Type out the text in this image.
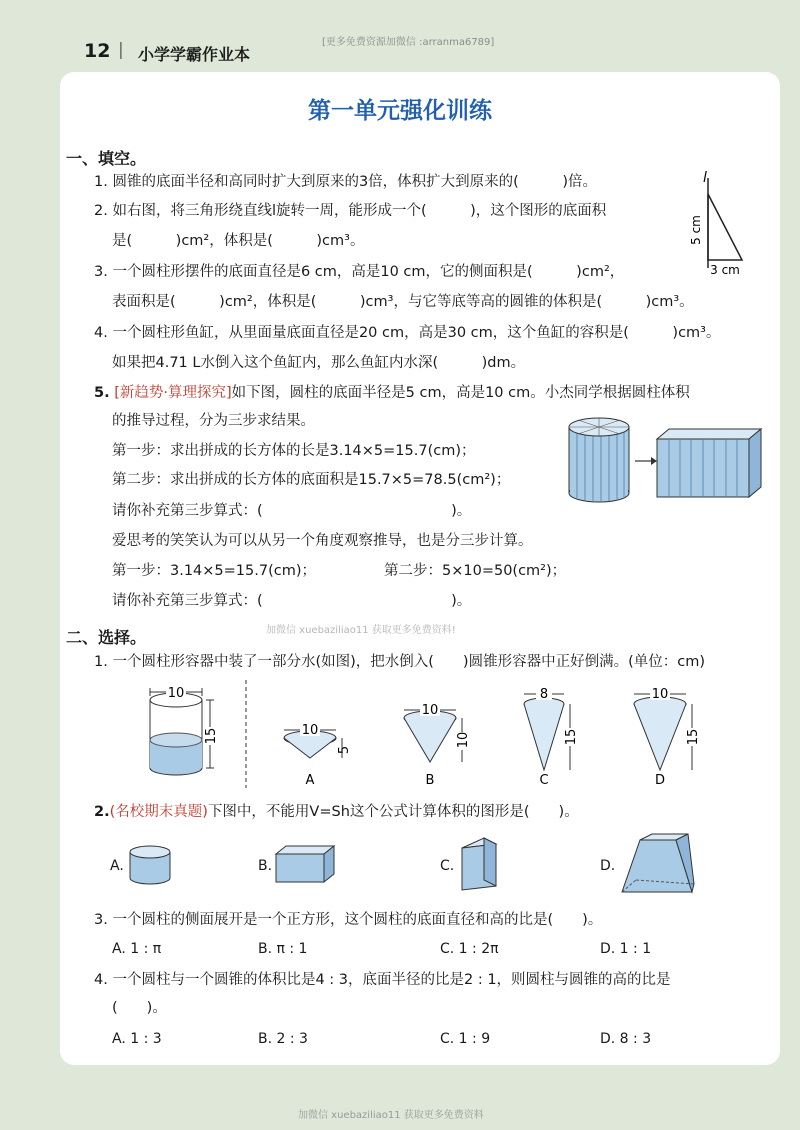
12 | 小学学霸作业本
[更多免费资源加微信 :arranma6789]
第一单元强化训练
一、填空。
1. 圆锥的底面半径和高同时扩大到原来的3倍，体积扩大到原来的(　　　)倍。
2. 如右图，将三角形绕直线l旋转一周，能形成一个(　　　)，这个图形的底面积
是(　　　)cm²，体积是(　　　)cm³。
3. 一个圆柱形摆件的底面直径是6 cm，高是10 cm，它的侧面积是(　　　)cm²，
表面积是(　　　)cm²，体积是(　　　)cm³，与它等底等高的圆锥的体积是(　　　)cm³。
4. 一个圆柱形鱼缸，从里面量底面直径是20 cm，高是30 cm，这个鱼缸的容积是(　　　)cm³。
如果把4.71 L水倒入这个鱼缸内，那么鱼缸内水深(　　　)dm。
5. [新趋势·算理探究]如下图，圆柱的底面半径是5 cm，高是10 cm。小杰同学根据圆柱体积
的推导过程，分为三步求结果。
第一步：求出拼成的长方体的长是3.14×5=15.7(cm)；
第二步：求出拼成的长方体的底面积是15.7×5=78.5(cm²)；
请你补充第三步算式：(　　　　　　　　　　　　　)。
爱思考的笑笑认为可以从另一个角度观察推导，也是分三步计算。
第一步：3.14×5=15.7(cm)；	第二步：5×10=50(cm²)；
请你补充第三步算式：(　　　　　　　　　　　　　)。
l
5 cm
3 cm
加微信 xuebaziliao11 获取更多免费资料!
二、选择。
1. 一个圆柱形容器中装了一部分水(如图)，把水倒入(　　)圆锥形容器中正好倒满。(单位：cm)
10
15	10
5
A
10
10
B
8
15
C
10
15
D
2.(名校期末真题)下图中，不能用V=Sh这个公式计算体积的图形是(　　)。
A.	B.	C.	D.
3. 一个圆柱的侧面展开是一个正方形，这个圆柱的底面直径和高的比是(　　)。
A. 1 : π	B. π : 1	C. 1 : 2π	D. 1 : 1
4. 一个圆柱与一个圆锥的体积比是4 : 3，底面半径的比是2 : 1，则圆柱与圆锥的高的比是
(　　)。
A. 1 : 3	B. 2 : 3	C. 1 : 9	D. 8 : 3
加微信 xuebaziliao11 获取更多免费资料
